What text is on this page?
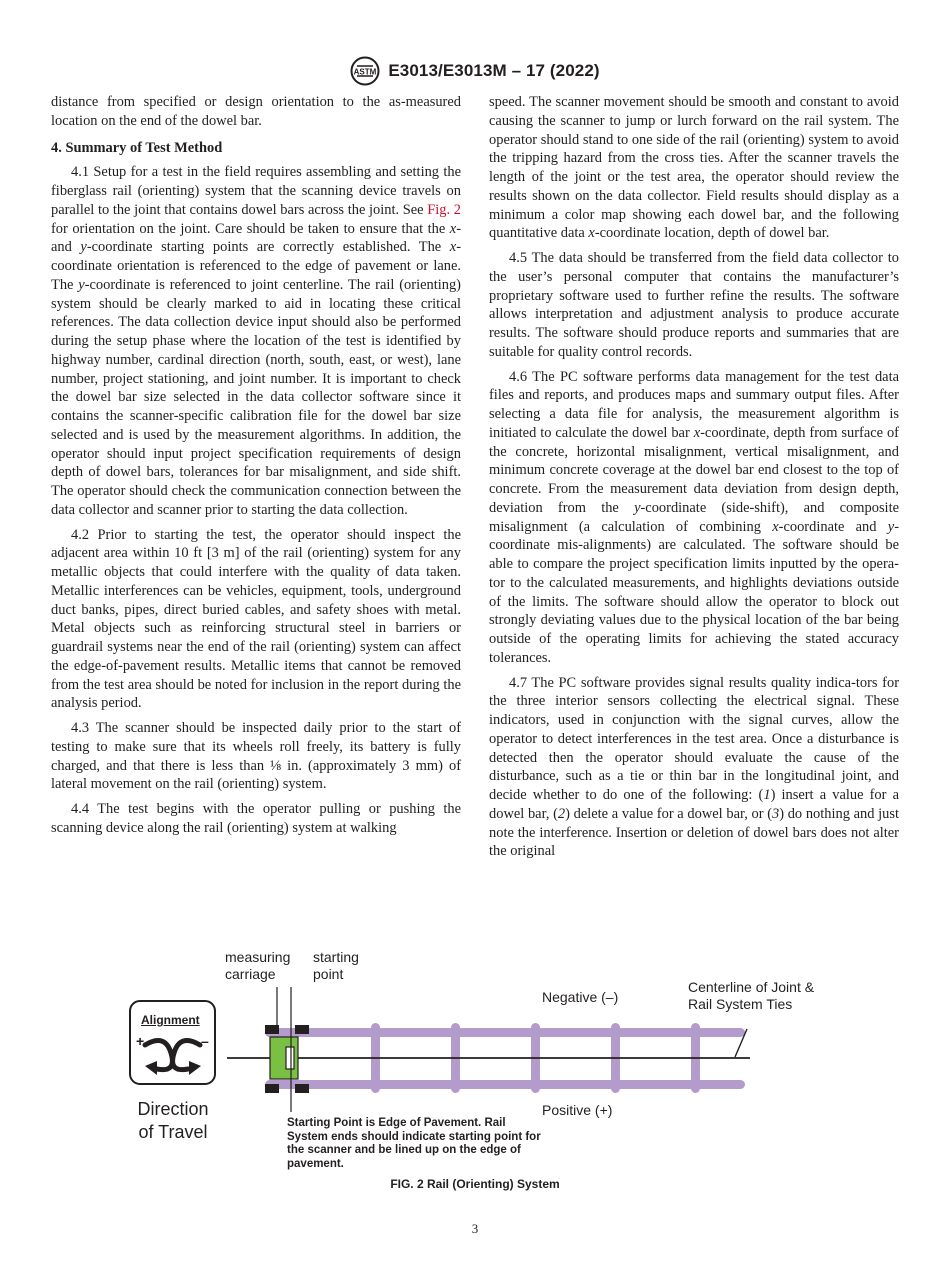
ASTM E3013/E3013M – 17 (2022)

distance from specified or design orientation to the as-measured location on the end of the dowel bar.

4. Summary of Test Method

4.1 Setup for a test in the field requires assembling and setting the fiberglass rail (orienting) system that the scanning device travels on parallel to the joint that contains dowel bars across the joint. See Fig. 2 for orientation on the joint. Care should be taken to ensure that the x- and y-coordinate starting points are correctly established. The x-coordinate orientation is referenced to the edge of pavement or lane. The y-coordinate is referenced to joint centerline. The rail (orienting) system should be clearly marked to aid in locating these critical references. The data collection device input should also be performed during the setup phase where the location of the test is identified by highway number, cardinal direction (north, south, east, or west), lane number, project stationing, and joint number. It is important to check the dowel bar size selected in the data collector software since it contains the scanner-specific calibration file for the dowel bar size selected and is used by the measurement algorithms. In addition, the operator should input project specification requirements of design depth of dowel bars, tolerances for bar misalignment, and side shift. The operator should check the communication connection between the data collector and scanner prior to starting the data collection.

4.2 Prior to starting the test, the operator should inspect the adjacent area within 10 ft [3 m] of the rail (orienting) system for any metallic objects that could interfere with the quality of data taken. Metallic interferences can be vehicles, equipment, tools, underground duct banks, pipes, direct buried cables, and safety shoes with metal. Metal objects such as reinforcing structural steel in barriers or guardrail systems near the end of the rail (orienting) system can affect the edge-of-pavement results. Metallic items that cannot be removed from the test area should be noted for inclusion in the report during the analysis period.

4.3 The scanner should be inspected daily prior to the start of testing to make sure that its wheels roll freely, its battery is fully charged, and that there is less than ⅛ in. (approximately 3 mm) of lateral movement on the rail (orienting) system.

4.4 The test begins with the operator pulling or pushing the scanning device along the rail (orienting) system at walking

speed. The scanner movement should be smooth and constant to avoid causing the scanner to jump or lurch forward on the rail system. The operator should stand to one side of the rail (orienting) system to avoid the tripping hazard from the cross ties. After the scanner travels the length of the joint or the test area, the operator should review the results shown on the data collector. Field results should display as a minimum a color map showing each dowel bar, and the following quantitative data x-coordinate location, depth of dowel bar.

4.5 The data should be transferred from the field data collector to the user’s personal computer that contains the manufacturer’s proprietary software used to further refine the results. The software allows interpretation and adjustment analysis to produce accurate results. The software should produce reports and summaries that are suitable for quality control records.

4.6 The PC software performs data management for the test data files and reports, and produces maps and summary output files. After selecting a data file for analysis, the measurement algorithm is initiated to calculate the dowel bar x-coordinate, depth from surface of the concrete, horizontal misalignment, vertical misalignment, and minimum concrete coverage at the dowel bar end closest to the top of concrete. From the measurement data deviation from design depth, deviation from the y-coordinate (side-shift), and composite misalignment (a calculation of combining x-coordinate and y-coordinate mis-alignments) are calculated. The software should be able to compare the project specification limits inputted by the opera-tor to the calculated measurements, and highlights deviations outside of the limits. The software should allow the operator to block out strongly deviating values due to the physical location of the bar being outside of the operating limits for achieving the stated accuracy tolerances.

4.7 The PC software provides signal results quality indica-tors for the three interior sensors collecting the electrical signal. These indicators, used in conjunction with the signal curves, allow the operator to detect interferences in the test area. Once a disturbance is detected then the operator should evaluate the cause of the disturbance, such as a tie or thin bar in the longitudinal joint, and decide whether to do one of the following: (1) insert a value for a dowel bar, (2) delete a value for a dowel bar, or (3) do nothing and just note the interference. Insertion or deletion of dowel bars does not alter the original

measuring
carriage
starting
point
Negative (–)
Centerline of Joint &
Rail System Ties
Alignment
+	–
Direction
of Travel
Positive (+)
Starting Point is Edge of Pavement. Rail System ends should indicate starting point for the scanner and be lined up on the edge of pavement.
FIG. 2 Rail (Orienting) System
3
